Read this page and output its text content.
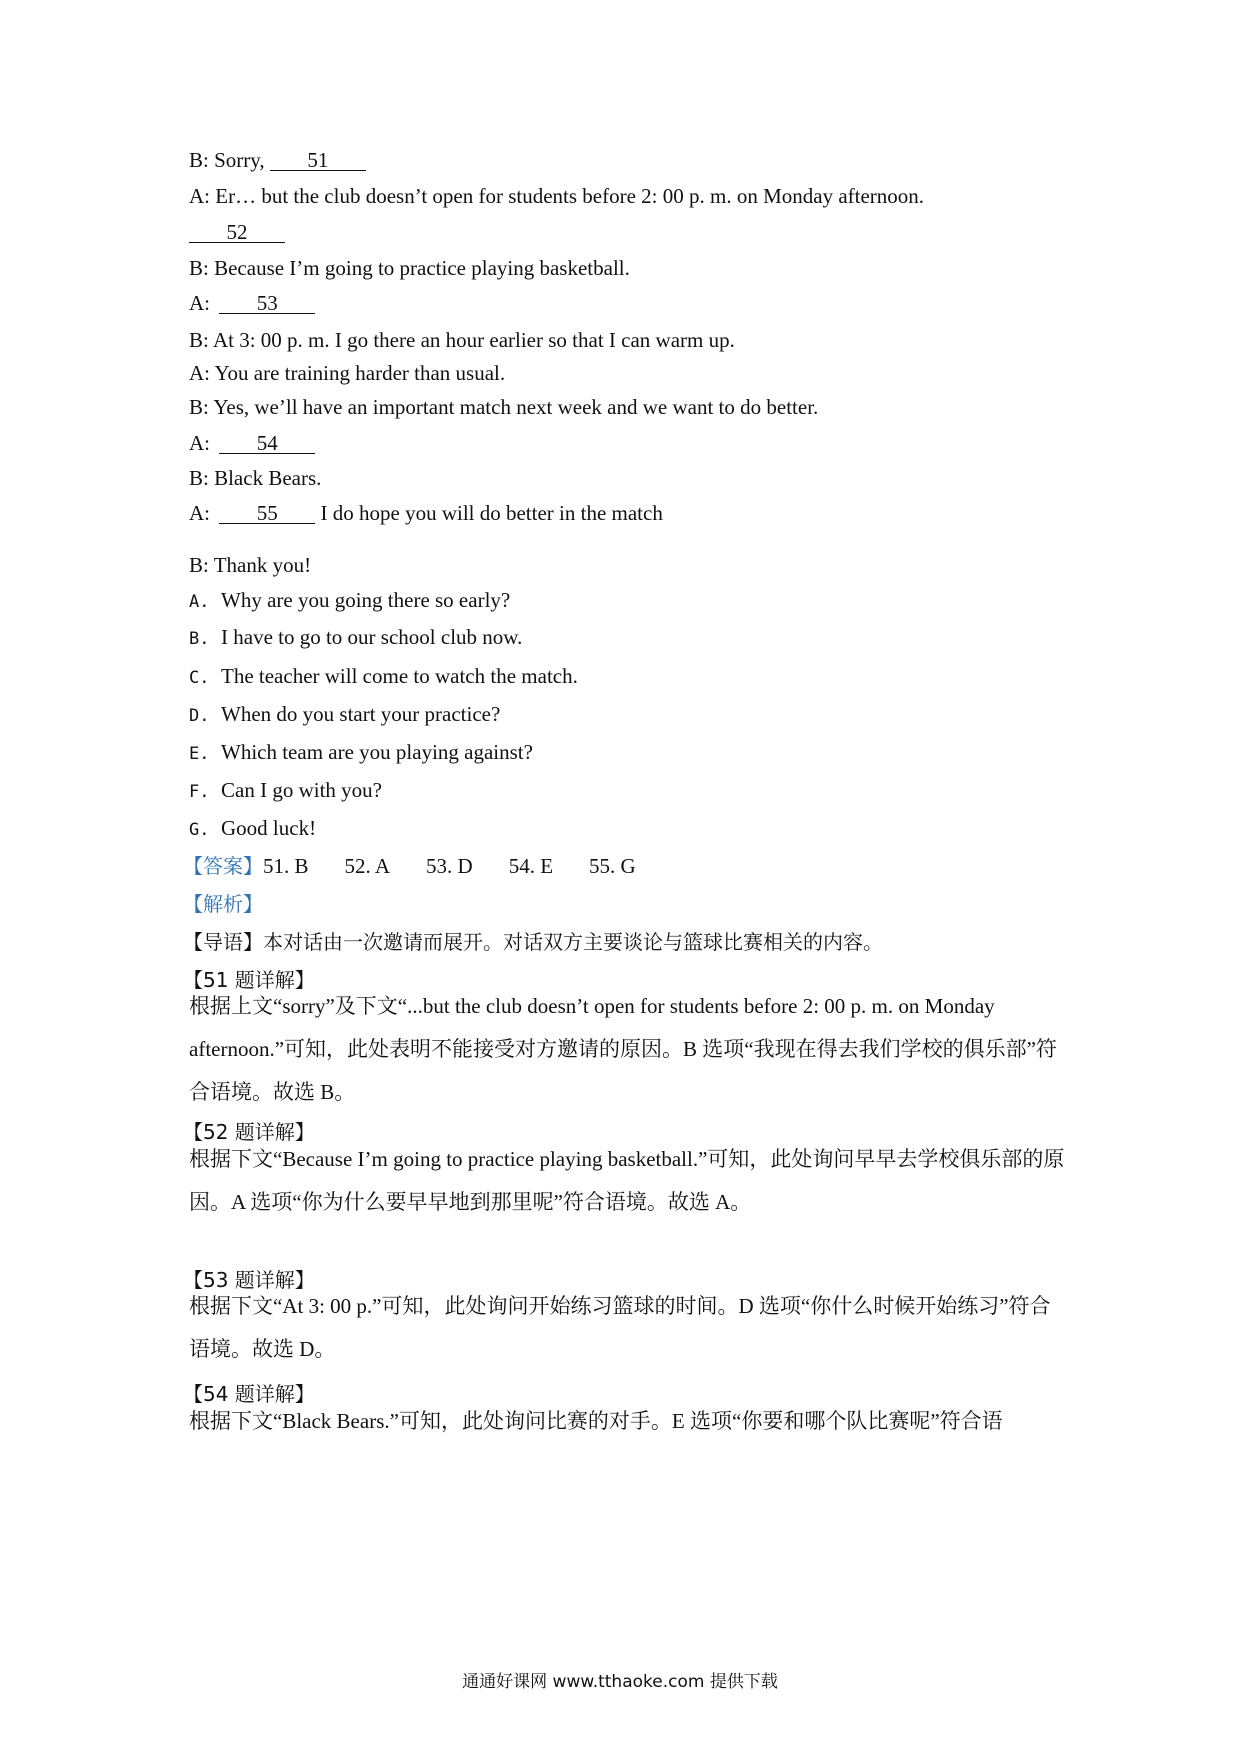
B: Sorry, 51
A: Er… but the club doesn’t open for students before 2: 00 p. m. on Monday afternoon.
52
B: Because I’m going to practice playing basketball.
A: 53
B: At 3: 00 p. m. I go there an hour earlier so that I can warm up.
A: You are training harder than usual.
B: Yes, we’ll have an important match next week and we want to do better.
A: 54
B: Black Bears.
A: 55 I do hope you will do better in the match
B: Thank you!
A. Why are you going there so early?
B. I have to go to our school club now.
C. The teacher will come to watch the match.
D. When do you start your practice?
E. Which team are you playing against?
F. Can I go with you?
G. Good luck!
【答案】51. B 52. A 53. D 54. E 55. G
【解析】
【导语】本对话由一次邀请而展开。对话双方主要谈论与篮球比赛相关的内容。
【51 题详解】
根据上文“sorry”及下文“...but the club doesn’t open for students before 2: 00 p. m. on Monday afternoon.”可知，此处表明不能接受对方邀请的原因。B 选项“我现在得去我们学校的俱乐部”符合语境。故选 B。
【52 题详解】
根据下文“Because I’m going to practice playing basketball.”可知，此处询问早早去学校俱乐部的原因。A 选项“你为什么要早早地到那里呢”符合语境。故选 A。
【53 题详解】
根据下文“At 3: 00 p.”可知，此处询问开始练习篮球的时间。D 选项“你什么时候开始练习”符合语境。故选 D。
【54 题详解】
根据下文“Black Bears.”可知，此处询问比赛的对手。E 选项“你要和哪个队比赛呢”符合语
通通好课网 www.tthaoke.com 提供下载
